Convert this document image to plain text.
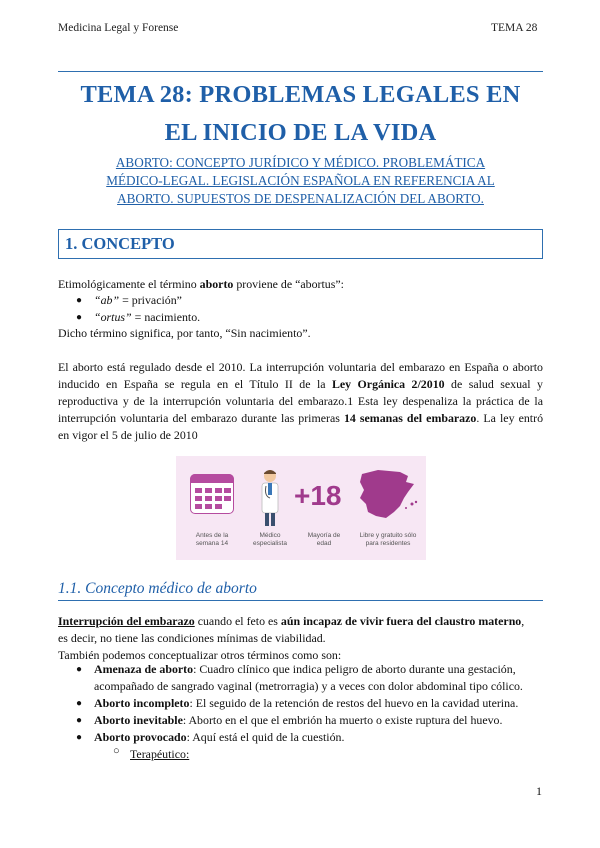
Medicina Legal y Forense	TEMA 28
TEMA 28: PROBLEMAS LEGALES EN
EL INICIO DE LA VIDA
ABORTO: CONCEPTO JURÍDICO Y MÉDICO. PROBLEMÁTICA
MÉDICO-LEGAL. LEGISLACIÓN ESPAÑOLA EN REFERENCIA AL
ABORTO. SUPUESTOS DE DESPENALIZACIÓN DEL ABORTO.
1. CONCEPTO
Etimológicamente el término aborto proviene de “abortus”:
● “ab” = privación”
● “ortus” = nacimiento.
Dicho término significa, por tanto, “Sin nacimiento”.
El aborto está regulado desde el 2010. La interrupción voluntaria del embarazo en España o aborto
inducido en España se regula en el Título II de la Ley Orgánica 2/2010 de salud sexual y
reproductiva y de la interrupción voluntaria del embarazo.1 Esta ley despenaliza la práctica de la
interrupción voluntaria del embarazo durante las primeras 14 semanas del embarazo. La ley entró
en vigor el 5 de julio de 2010
+18
Antes de la semana 14
Médico especialista
Mayoría de edad
Libre y gratuito sólo para residentes
1.1. Concepto médico de aborto
Interrupción del embarazo cuando el feto es aún incapaz de vivir fuera del claustro materno,
es decir, no tiene las condiciones mínimas de viabilidad.
También podemos conceptualizar otros términos como son:
● Amenaza de aborto: Cuadro clínico que indica peligro de aborto durante una gestación,
acompañado de sangrado vaginal (metrorragia) y a veces con dolor abdominal tipo cólico.
● Aborto incompleto: El seguido de la retención de restos del huevo en la cavidad uterina.
● Aborto inevitable: Aborto en el que el embrión ha muerto o existe ruptura del huevo.
● Aborto provocado: Aquí está el quid de la cuestión.
○ Terapéutico:
1
